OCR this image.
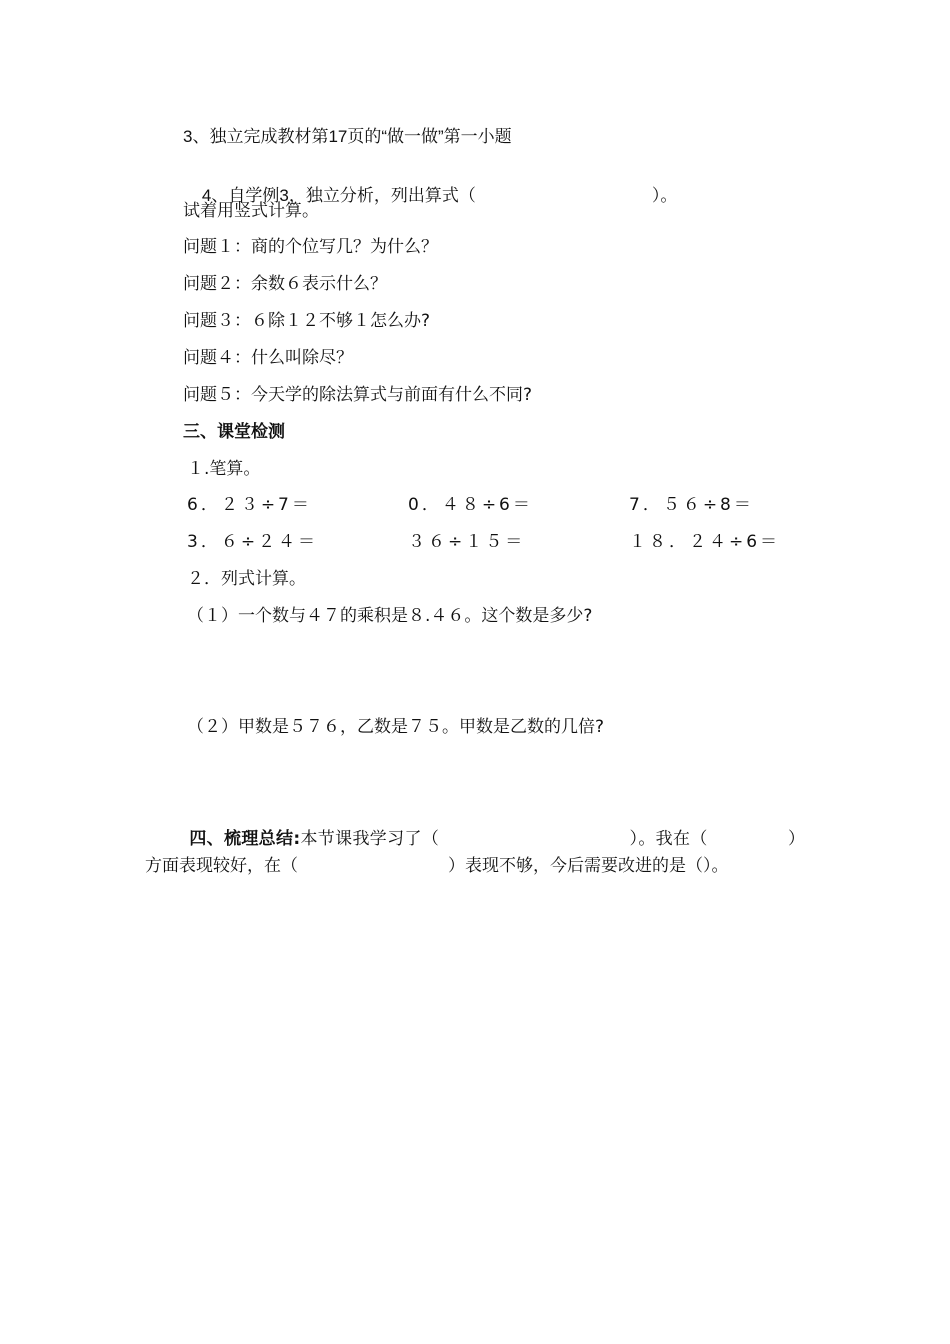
3、独立完成教材第17页的“做一做”第一小题

4、自学例3，独立分析，列出算式（	）。

试着用竖式计算。
问题１：商的个位写几？为什么？
问题２：余数６表示什么？
问题３：６除１２不够１怎么办?
问题４：什么叫除尽？
问题５：今天学的除法算式与前面有什么不同?
三、课堂检测
１.笔算。
6．２３÷7＝	0．４８÷6＝	7．５６÷8＝
3．６÷２４＝	３６÷１５＝	１８．２４÷6＝
２．列式计算。
（１）一个数与４７的乘积是８.４６。这个数是多少?
（２）甲数是５７６，乙数是７５。甲数是乙数的几倍?
四、梳理总结:本节课我学习了（	）。我在（	）方面表现较好，在（	）表现不够，今后需要改进的是（）。
